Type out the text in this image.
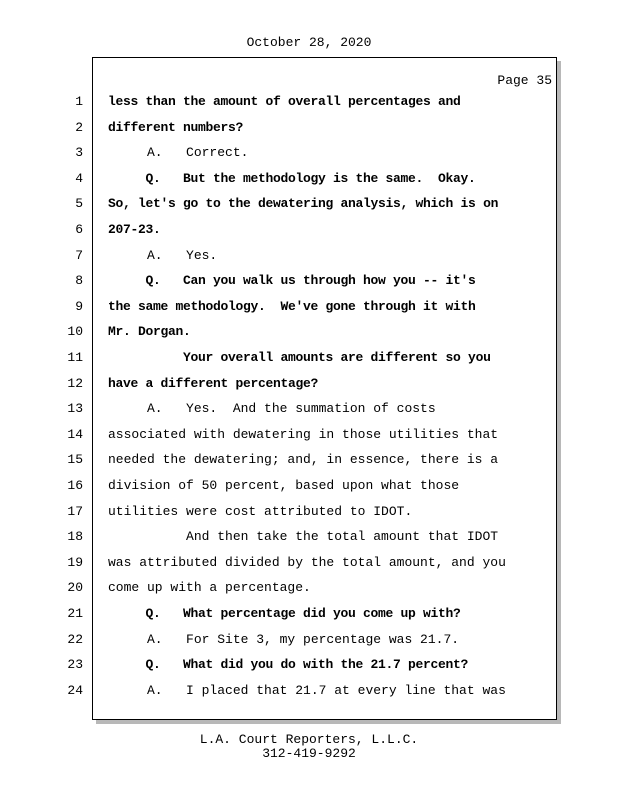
October 28, 2020
Page 35
1 less than the amount of overall percentages and
2 different numbers?
3 A.   Correct.
4 Q.   But the methodology is the same.  Okay.
5 So, let's go to the dewatering analysis, which is on
6 207-23.
7 A.   Yes.
8 Q.   Can you walk us through how you -- it's
9 the same methodology.  We've gone through it with
10 Mr. Dorgan.
11 Your overall amounts are different so you
12 have a different percentage?
13 A.   Yes.  And the summation of costs
14 associated with dewatering in those utilities that
15 needed the dewatering; and, in essence, there is a
16 division of 50 percent, based upon what those
17 utilities were cost attributed to IDOT.
18 And then take the total amount that IDOT
19 was attributed divided by the total amount, and you
20 come up with a percentage.
21 Q.   What percentage did you come up with?
22 A.   For Site 3, my percentage was 21.7.
23 Q.   What did you do with the 21.7 percent?
24 A.   I placed that 21.7 at every line that was
L.A. Court Reporters, L.L.C.
312-419-9292
